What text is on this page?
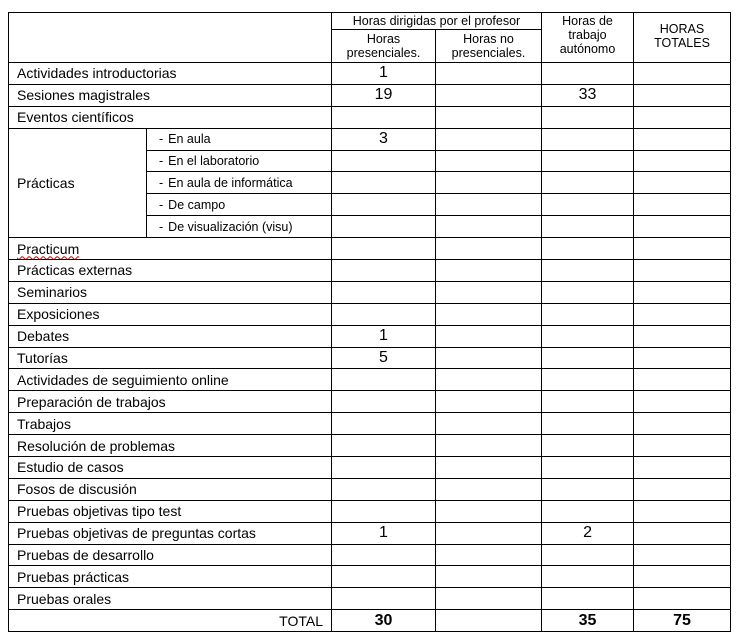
		Horas dirigidas por el profesor		Horas de trabajo autónomo	HORAS TOTALES
		Horas presenciales.	Horas no presenciales.		
Actividades introductorias		1			
Sesiones magistrales		19		33	
Eventos científicos					
Prácticas	- En aula	3			
	- En el laboratorio				
	- En aula de informática				
	- De campo				
	- De visualización (visu)				
Practicum					
Prácticas externas					
Seminarios					
Exposiciones					
Debates		1			
Tutorías		5			
Actividades de seguimiento online					
Preparación de trabajos					
Trabajos					
Resolución de problemas					
Estudio de casos					
Fosos de discusión					
Pruebas objetivas tipo test					
Pruebas objetivas de preguntas cortas		1		2	
Pruebas de desarrollo					
Pruebas prácticas					
Pruebas orales					
TOTAL		30		35	75
